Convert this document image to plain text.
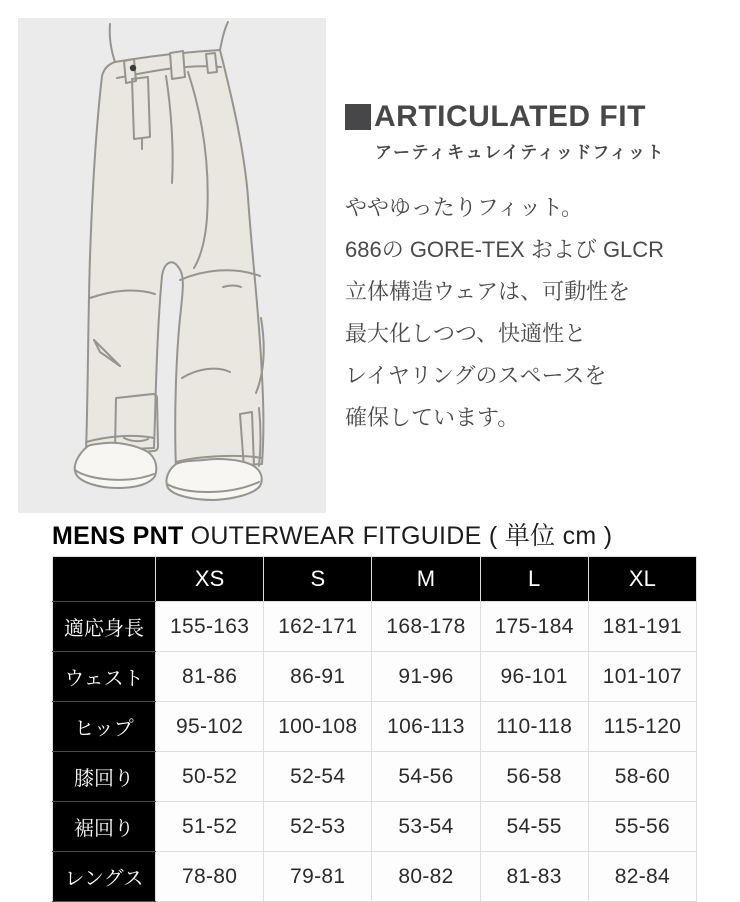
ARTICULATED FIT
アーティキュレイティッドフィット
ややゆったりフィット。
686の GORE-TEX および GLCR
立体構造ウェアは、可動性を
最大化しつつ、快適性と
レイヤリングのスペースを
確保しています。
MENS PNT OUTERWEAR FITGUIDE ( 単位 cm )
	XS	S	M	L	XL
適応身長	155-163	162-171	168-178	175-184	181-191
ウェスト	81-86	86-91	91-96	96-101	101-107
ヒップ	95-102	100-108	106-113	110-118	115-120
膝回り	50-52	52-54	54-56	56-58	58-60
裾回り	51-52	52-53	53-54	54-55	55-56
レングス	78-80	79-81	80-82	81-83	82-84
